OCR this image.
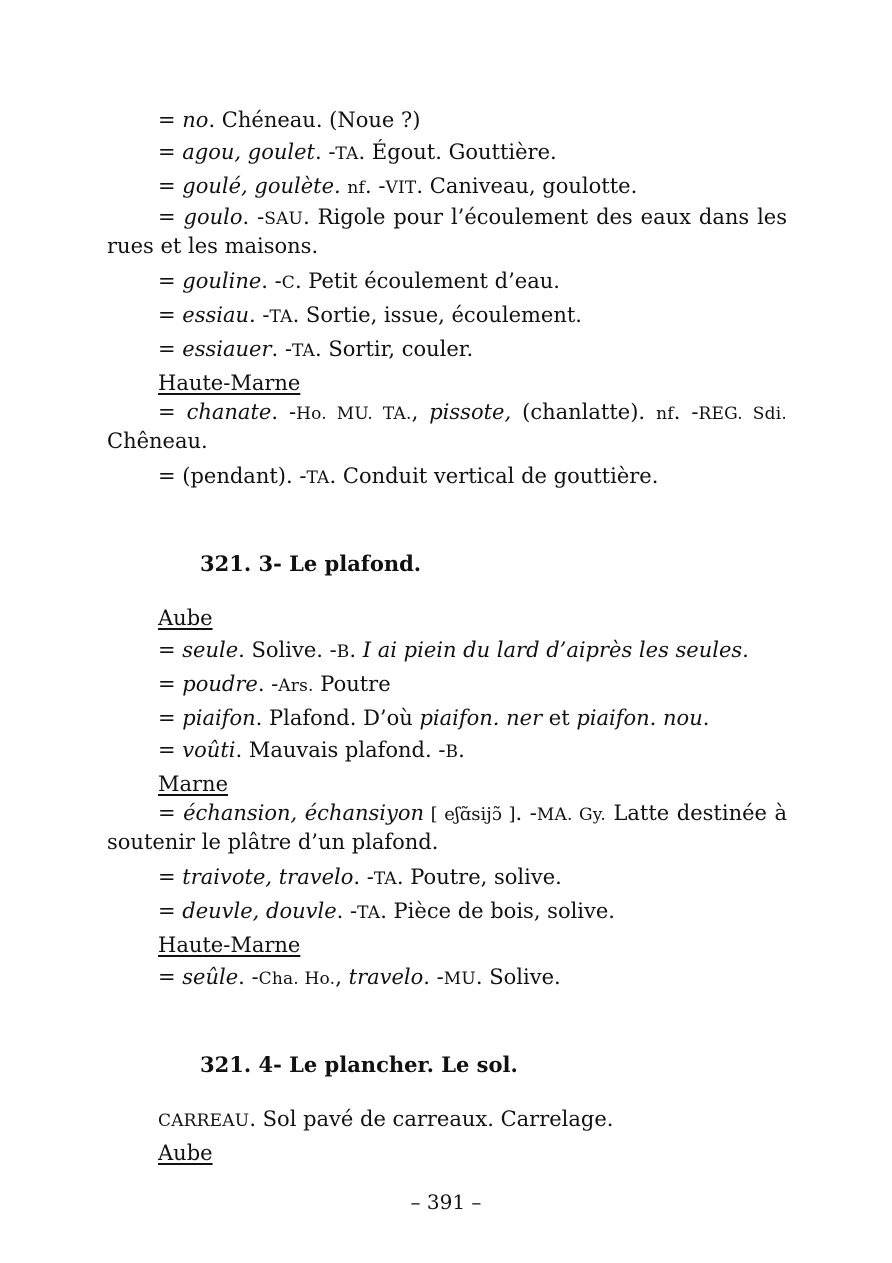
= no. Chéneau. (Noue ?)

= agou, goulet. -TA. Égout. Gouttière.

= goulé, goulète. nf. -VIT. Caniveau, goulotte.

= goulo. -SAU. Rigole pour l’écoulement des eaux dans les rues et les maisons.

= gouline. -C. Petit écoulement d’eau.

= essiau. -TA. Sortie, issue, écoulement.

= essiauer. -TA. Sortir, couler.

Haute-Marne

= chanate. -Ho. MU. TA., pissote, (chanlatte). nf. -REG. Sdi. Chêneau.

= (pendant). -TA. Conduit vertical de gouttière.

321. 3- Le plafond.

Aube

= seule. Solive. -B. I ai piein du lard d’aiprès les seules.

= poudre. -Ars. Poutre

= piaifon. Plafond. D’où piaifon. ner et piaifon. nou.

= voûti. Mauvais plafond. -B.

Marne

= échansion, échansiyon [ eʃɑ̃sijɔ̃ ]. -MA. Gy. Latte destinée à soutenir le plâtre d’un plafond.

= traivote, travelo. -TA. Poutre, solive.

= deuvle, douvle. -TA. Pièce de bois, solive.

Haute-Marne

= seûle. -Cha. Ho., travelo. -MU. Solive.

321. 4- Le plancher. Le sol.

CARREAU. Sol pavé de carreaux. Carrelage.

Aube

– 391 –
